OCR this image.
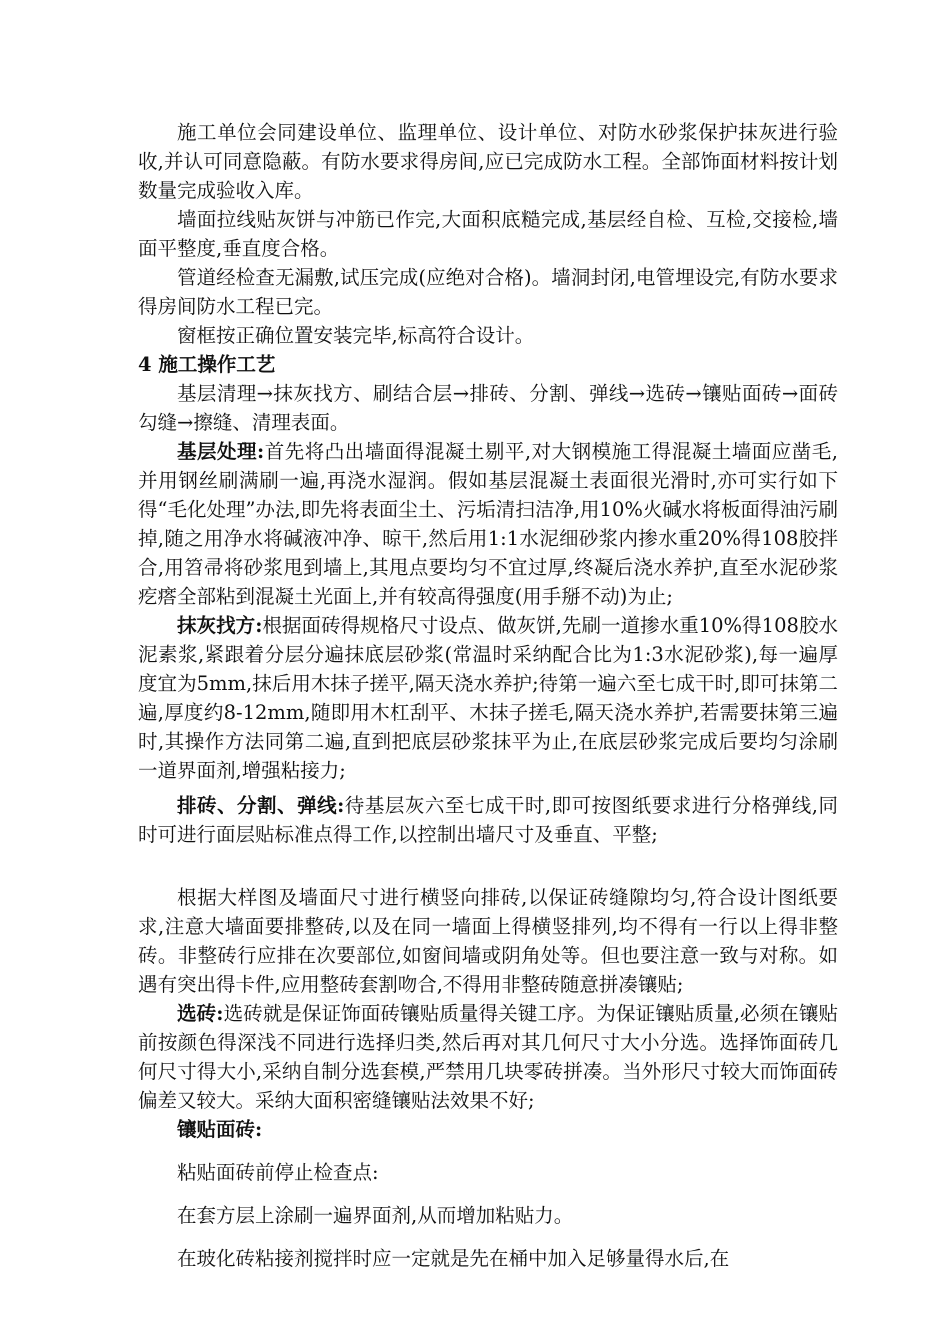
施工单位会同建设单位、监理单位、设计单位、对防水砂浆保护抹灰进行验收,并认可同意隐蔽。有防水要求得房间,应已完成防水工程。全部饰面材料按计划数量完成验收入库。

墙面拉线贴灰饼与冲筋已作完,大面积底糙完成,基层经自检、互检,交接检,墙面平整度,垂直度合格。

管道经检查无漏敷,试压完成(应绝对合格)。墙洞封闭,电管埋设完,有防水要求得房间防水工程已完。

窗框按正确位置安装完毕,标高符合设计。

4 施工操作工艺

基层清理→抹灰找方、刷结合层→排砖、分割、弹线→选砖→镶贴面砖→面砖勾缝→擦缝、清理表面。

基层处理:首先将凸出墙面得混凝土剔平,对大钢模施工得混凝土墙面应凿毛,并用钢丝刷满刷一遍,再浇水湿润。假如基层混凝土表面很光滑时,亦可实行如下得“毛化处理”办法,即先将表面尘土、污垢清扫洁净,用10%火碱水将板面得油污刷掉,随之用净水将碱液冲净、晾干,然后用1:1水泥细砂浆内掺水重20%得108胶拌合,用笤帚将砂浆甩到墙上,其甩点要均匀不宜过厚,终凝后浇水养护,直至水泥砂浆疙瘩全部粘到混凝土光面上,并有较高得强度(用手掰不动)为止;

抹灰找方:根据面砖得规格尺寸设点、做灰饼,先刷一道掺水重10%得108胶水泥素浆,紧跟着分层分遍抹底层砂浆(常温时采纳配合比为1:3水泥砂浆),每一遍厚度宜为5mm,抹后用木抹子搓平,隔天浇水养护;待第一遍六至七成干时,即可抹第二遍,厚度约8-12mm,随即用木杠刮平、木抹子搓毛,隔天浇水养护,若需要抹第三遍时,其操作方法同第二遍,直到把底层砂浆抹平为止,在底层砂浆完成后要均匀涂刷一道界面剂,增强粘接力;

排砖、分割、弹线:待基层灰六至七成干时,即可按图纸要求进行分格弹线,同时可进行面层贴标准点得工作,以控制出墙尺寸及垂直、平整;

根据大样图及墙面尺寸进行横竖向排砖,以保证砖缝隙均匀,符合设计图纸要求,注意大墙面要排整砖,以及在同一墙面上得横竖排列,均不得有一行以上得非整砖。非整砖行应排在次要部位,如窗间墙或阴角处等。但也要注意一致与对称。如遇有突出得卡件,应用整砖套割吻合,不得用非整砖随意拼凑镶贴;

选砖:选砖就是保证饰面砖镶贴质量得关键工序。为保证镶贴质量,必须在镶贴前按颜色得深浅不同进行选择归类,然后再对其几何尺寸大小分选。选择饰面砖几何尺寸得大小,采纳自制分选套模,严禁用几块零砖拼凑。当外形尺寸较大而饰面砖偏差又较大。采纳大面积密缝镶贴法效果不好;

镶贴面砖:

粘贴面砖前停止检查点:

在套方层上涂刷一遍界面剂,从而增加粘贴力。

在玻化砖粘接剂搅拌时应一定就是先在桶中加入足够量得水后,在
